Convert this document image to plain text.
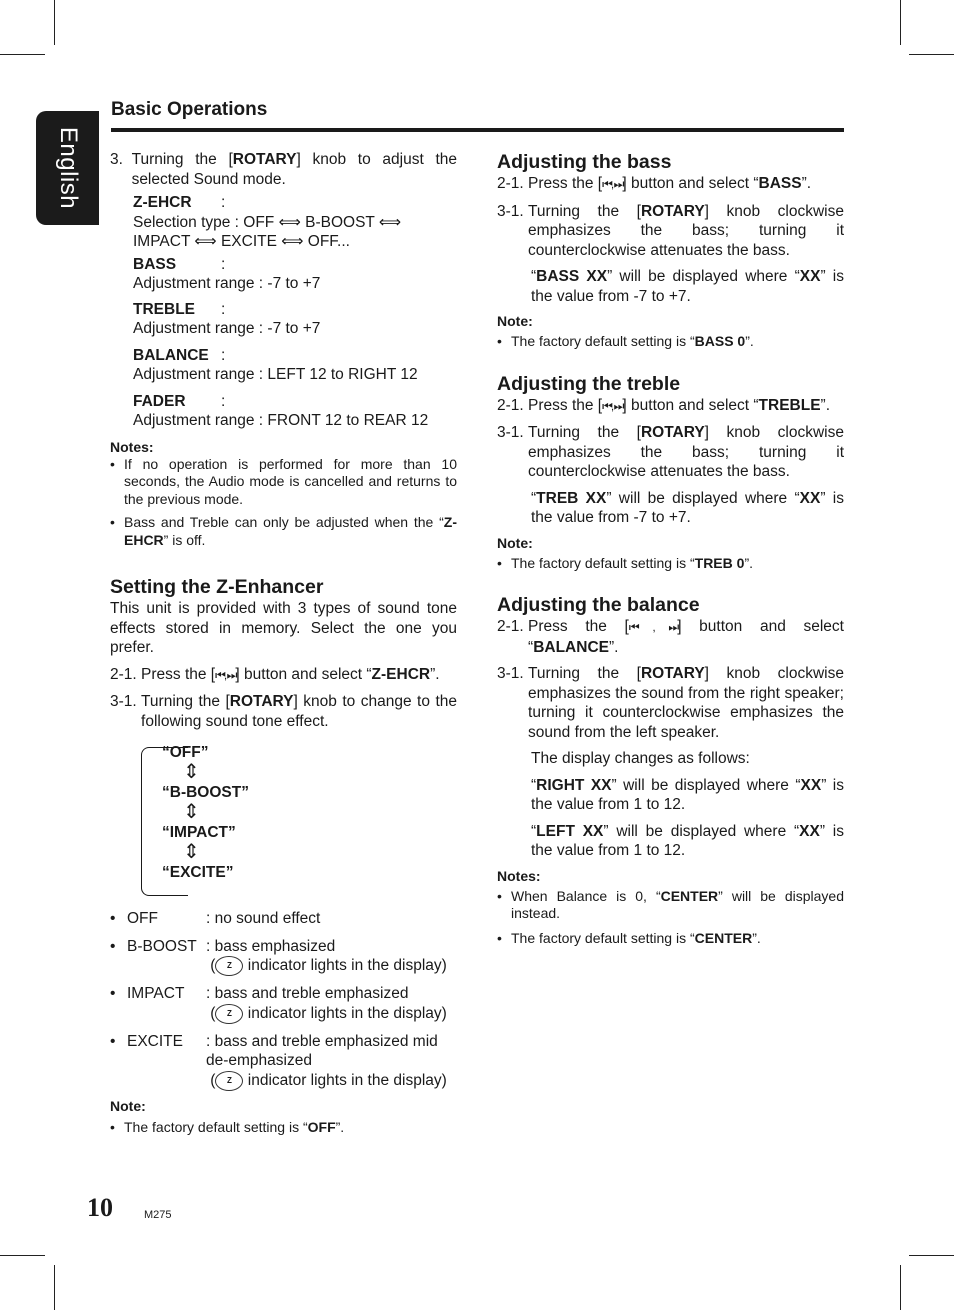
English
Basic Operations
3. Turning the [ROTARY] knob to adjust the selected Sound mode.
Z-EHCR :
Selection type : OFF ⟺ B-BOOST ⟺
IMPACT ⟺ EXCITE ⟺ OFF...
BASS	:
Adjustment range : -7 to +7
TREBLE :
Adjustment range : -7 to +7
BALANCE :
Adjustment range : LEFT 12 to RIGHT 12
FADER :
Adjustment range : FRONT 12 to REAR 12
Notes:
• If no operation is performed for more than 10 seconds, the Audio mode is cancelled and returns to the previous mode.
• Bass and Treble can only be adjusted when the “Z-EHCR” is off.
Setting the Z-Enhancer

This unit is provided with 3 types of sound tone effects stored in memory. Select the one you prefer.

2-1. Press the [⏮, ⏭] button and select “Z-EHCR”.
3-1. Turning the [ROTARY] knob to change to the following sound tone effect.
“OFF”
⇕
“B-BOOST”
⇕
“IMPACT”
⇕
“EXCITE”
• OFF	: no sound effect
• B-BOOST : bass emphasized
( Z indicator lights in the display)
• IMPACT	: bass and treble emphasized
( Z indicator lights in the display)
• EXCITE	: bass and treble emphasized mid de-emphasized
( Z indicator lights in the display)
Note:
• The factory default setting is “OFF”.
Adjusting the bass
2-1. Press the [⏮, ⏭] button and select “BASS”.
3-1. Turning the [ROTARY] knob clockwise emphasizes the bass; turning it counterclockwise attenuates the bass.

“BASS XX” will be displayed where “XX” is the value from -7 to +7.

Note:
• The factory default setting is “BASS 0”.
Adjusting the treble
2-1. Press the [⏮, ⏭] button and select “TREBLE”.
3-1. Turning the [ROTARY] knob clockwise emphasizes the bass; turning it counterclockwise attenuates the bass.

“TREB XX” will be displayed where “XX” is the value from -7 to +7.

Note:
• The factory default setting is “TREB 0”.
Adjusting the balance
2-1. Press the [⏮ , ⏭] button and select “BALANCE”.
3-1. Turning the [ROTARY] knob clockwise emphasizes the sound from the right speaker; turning it counterclockwise emphasizes the sound from the left speaker.

The display changes as follows:

“RIGHT XX” will be displayed where “XX” is the value from 1 to 12.

“LEFT XX” will be displayed where “XX” is the value from 1 to 12.

Notes:
• When Balance is 0, “CENTER” will be displayed instead.
• The factory default setting is “CENTER”.
10	M275
